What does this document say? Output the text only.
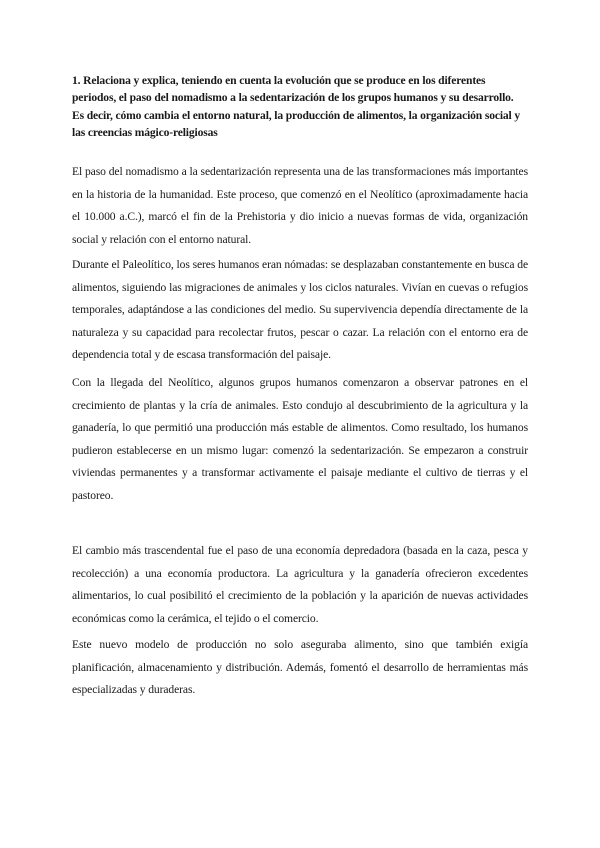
1. Relaciona y explica, teniendo en cuenta la evolución que se produce en los diferentes periodos, el paso del nomadismo a la sedentarización de los grupos humanos y su desarrollo. Es decir, cómo cambia el entorno natural, la producción de alimentos, la organización social y las creencias mágico-religiosas

El paso del nomadismo a la sedentarización representa una de las transformaciones más importantes en la historia de la humanidad. Este proceso, que comenzó en el Neolítico (aproximadamente hacia el 10.000 a.C.), marcó el fin de la Prehistoria y dio inicio a nuevas formas de vida, organización social y relación con el entorno natural.

Durante el Paleolítico, los seres humanos eran nómadas: se desplazaban constantemente en busca de alimentos, siguiendo las migraciones de animales y los ciclos naturales. Vivían en cuevas o refugios temporales, adaptándose a las condiciones del medio. Su supervivencia dependía directamente de la naturaleza y su capacidad para recolectar frutos, pescar o cazar. La relación con el entorno era de dependencia total y de escasa transformación del paisaje.

Con la llegada del Neolítico, algunos grupos humanos comenzaron a observar patrones en el crecimiento de plantas y la cría de animales. Esto condujo al descubrimiento de la agricultura y la ganadería, lo que permitió una producción más estable de alimentos. Como resultado, los humanos pudieron establecerse en un mismo lugar: comenzó la sedentarización. Se empezaron a construir viviendas permanentes y a transformar activamente el paisaje mediante el cultivo de tierras y el pastoreo.

El cambio más trascendental fue el paso de una economía depredadora (basada en la caza, pesca y recolección) a una economía productora. La agricultura y la ganadería ofrecieron excedentes alimentarios, lo cual posibilitó el crecimiento de la población y la aparición de nuevas actividades económicas como la cerámica, el tejido o el comercio.

Este nuevo modelo de producción no solo aseguraba alimento, sino que también exigía planificación, almacenamiento y distribución. Además, fomentó el desarrollo de herramientas más especializadas y duraderas.
